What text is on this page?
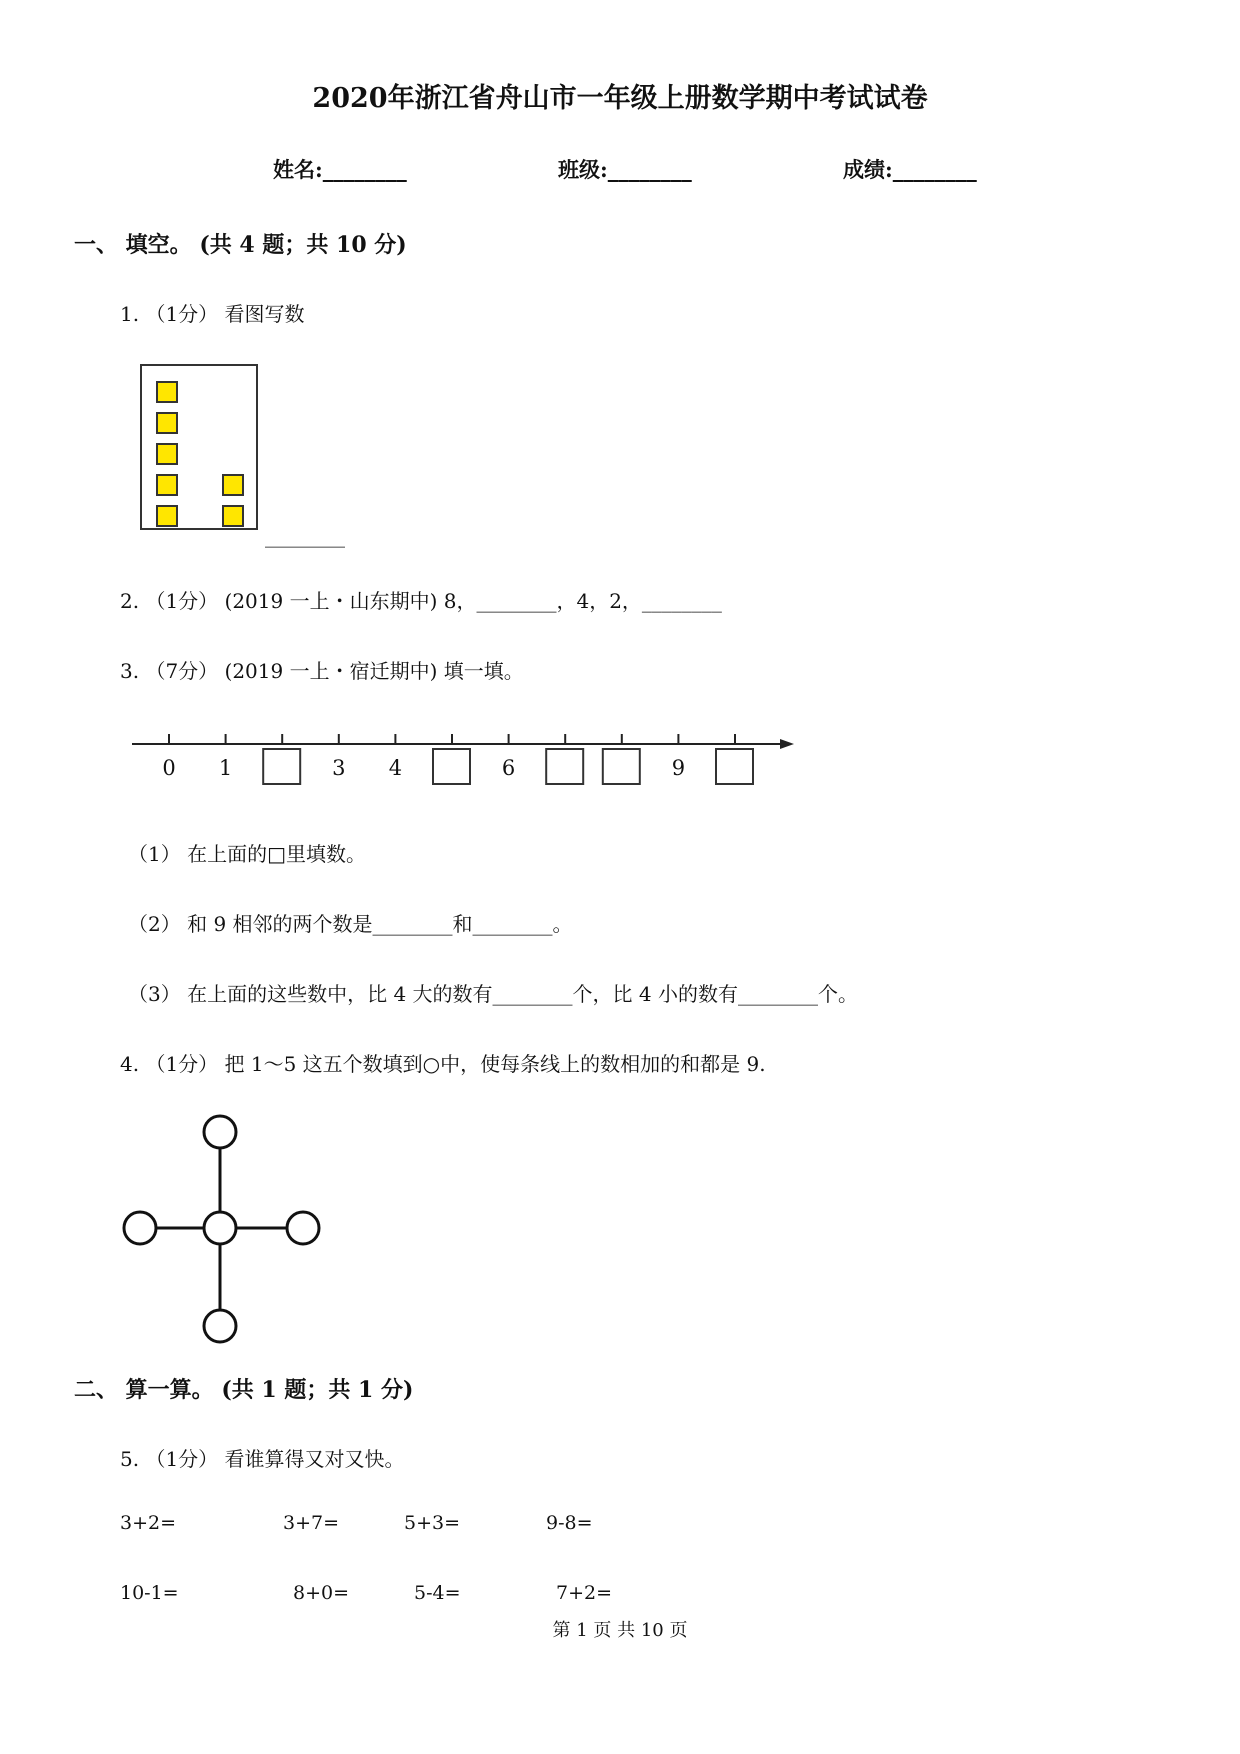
2020年浙江省舟山市一年级上册数学期中考试试卷
姓名:________	班级:________	成绩:________
一、 填空。 (共 4 题；共 10 分)
1. （1分） 看图写数
________
2. （1分） (2019 一上・山东期中) 8，________，4，2，________
3. （7分） (2019 一上・宿迁期中) 填一填。
0 1	3 4	6	9
（1） 在上面的□里填数。
（2） 和 9 相邻的两个数是________和________。
（3） 在上面的这些数中，比 4 大的数有________个，比 4 小的数有________个。
4. （1分） 把 1～5 这五个数填到○中，使每条线上的数相加的和都是 9.
二、 算一算。 (共 1 题；共 1 分)
5. （1分） 看谁算得又对又快。
3+2=	3+7=	5+3=	9-8=
10-1=	8+0=	5-4=	7+2=
第 1 页 共 10 页
